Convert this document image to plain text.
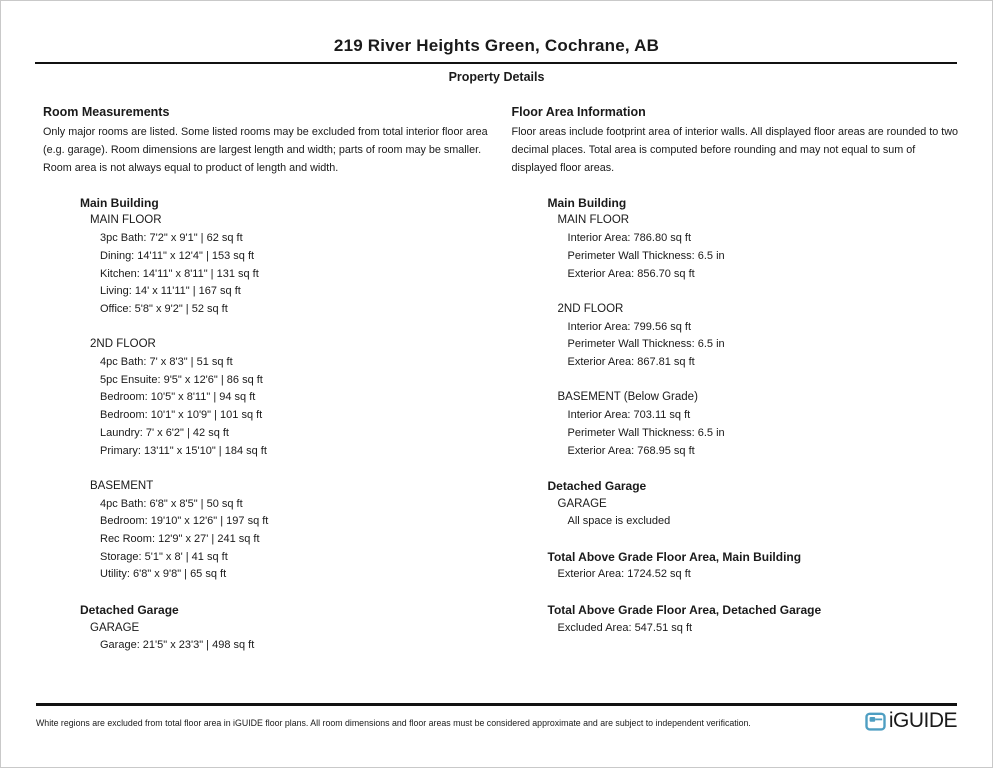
219 River Heights Green, Cochrane, AB
Property Details
Room Measurements
Only major rooms are listed. Some listed rooms may be excluded from total interior floor area (e.g. garage). Room dimensions are largest length and width; parts of room may be smaller. Room area is not always equal to product of length and width.
Main Building
MAIN FLOOR
3pc Bath: 7'2" x 9'1" | 62 sq ft
Dining: 14'11" x 12'4" | 153 sq ft
Kitchen: 14'11" x 8'11" | 131 sq ft
Living: 14' x 11'11" | 167 sq ft
Office: 5'8" x 9'2" | 52 sq ft
2ND FLOOR
4pc Bath: 7' x 8'3" | 51 sq ft
5pc Ensuite: 9'5" x 12'6" | 86 sq ft
Bedroom: 10'5" x 8'11" | 94 sq ft
Bedroom: 10'1" x 10'9" | 101 sq ft
Laundry: 7' x 6'2" | 42 sq ft
Primary: 13'11" x 15'10" | 184 sq ft
BASEMENT
4pc Bath: 6'8" x 8'5" | 50 sq ft
Bedroom: 19'10" x 12'6" | 197 sq ft
Rec Room: 12'9" x 27' | 241 sq ft
Storage: 5'1" x 8' | 41 sq ft
Utility: 6'8" x 9'8" | 65 sq ft
Detached Garage
GARAGE
Garage: 21'5" x 23'3" | 498 sq ft
Floor Area Information
Floor areas include footprint area of interior walls. All displayed floor areas are rounded to two decimal places. Total area is computed before rounding and may not equal to sum of displayed floor areas.
Main Building
MAIN FLOOR
Interior Area: 786.80 sq ft
Perimeter Wall Thickness: 6.5 in
Exterior Area: 856.70 sq ft
2ND FLOOR
Interior Area: 799.56 sq ft
Perimeter Wall Thickness: 6.5 in
Exterior Area: 867.81 sq ft
BASEMENT (Below Grade)
Interior Area: 703.11 sq ft
Perimeter Wall Thickness: 6.5 in
Exterior Area: 768.95 sq ft
Detached Garage
GARAGE
All space is excluded
Total Above Grade Floor Area, Main Building
Exterior Area: 1724.52 sq ft
Total Above Grade Floor Area, Detached Garage
Excluded Area: 547.51 sq ft
White regions are excluded from total floor area in iGUIDE floor plans. All room dimensions and floor areas must be considered approximate and are subject to independent verification.	iGUIDE
